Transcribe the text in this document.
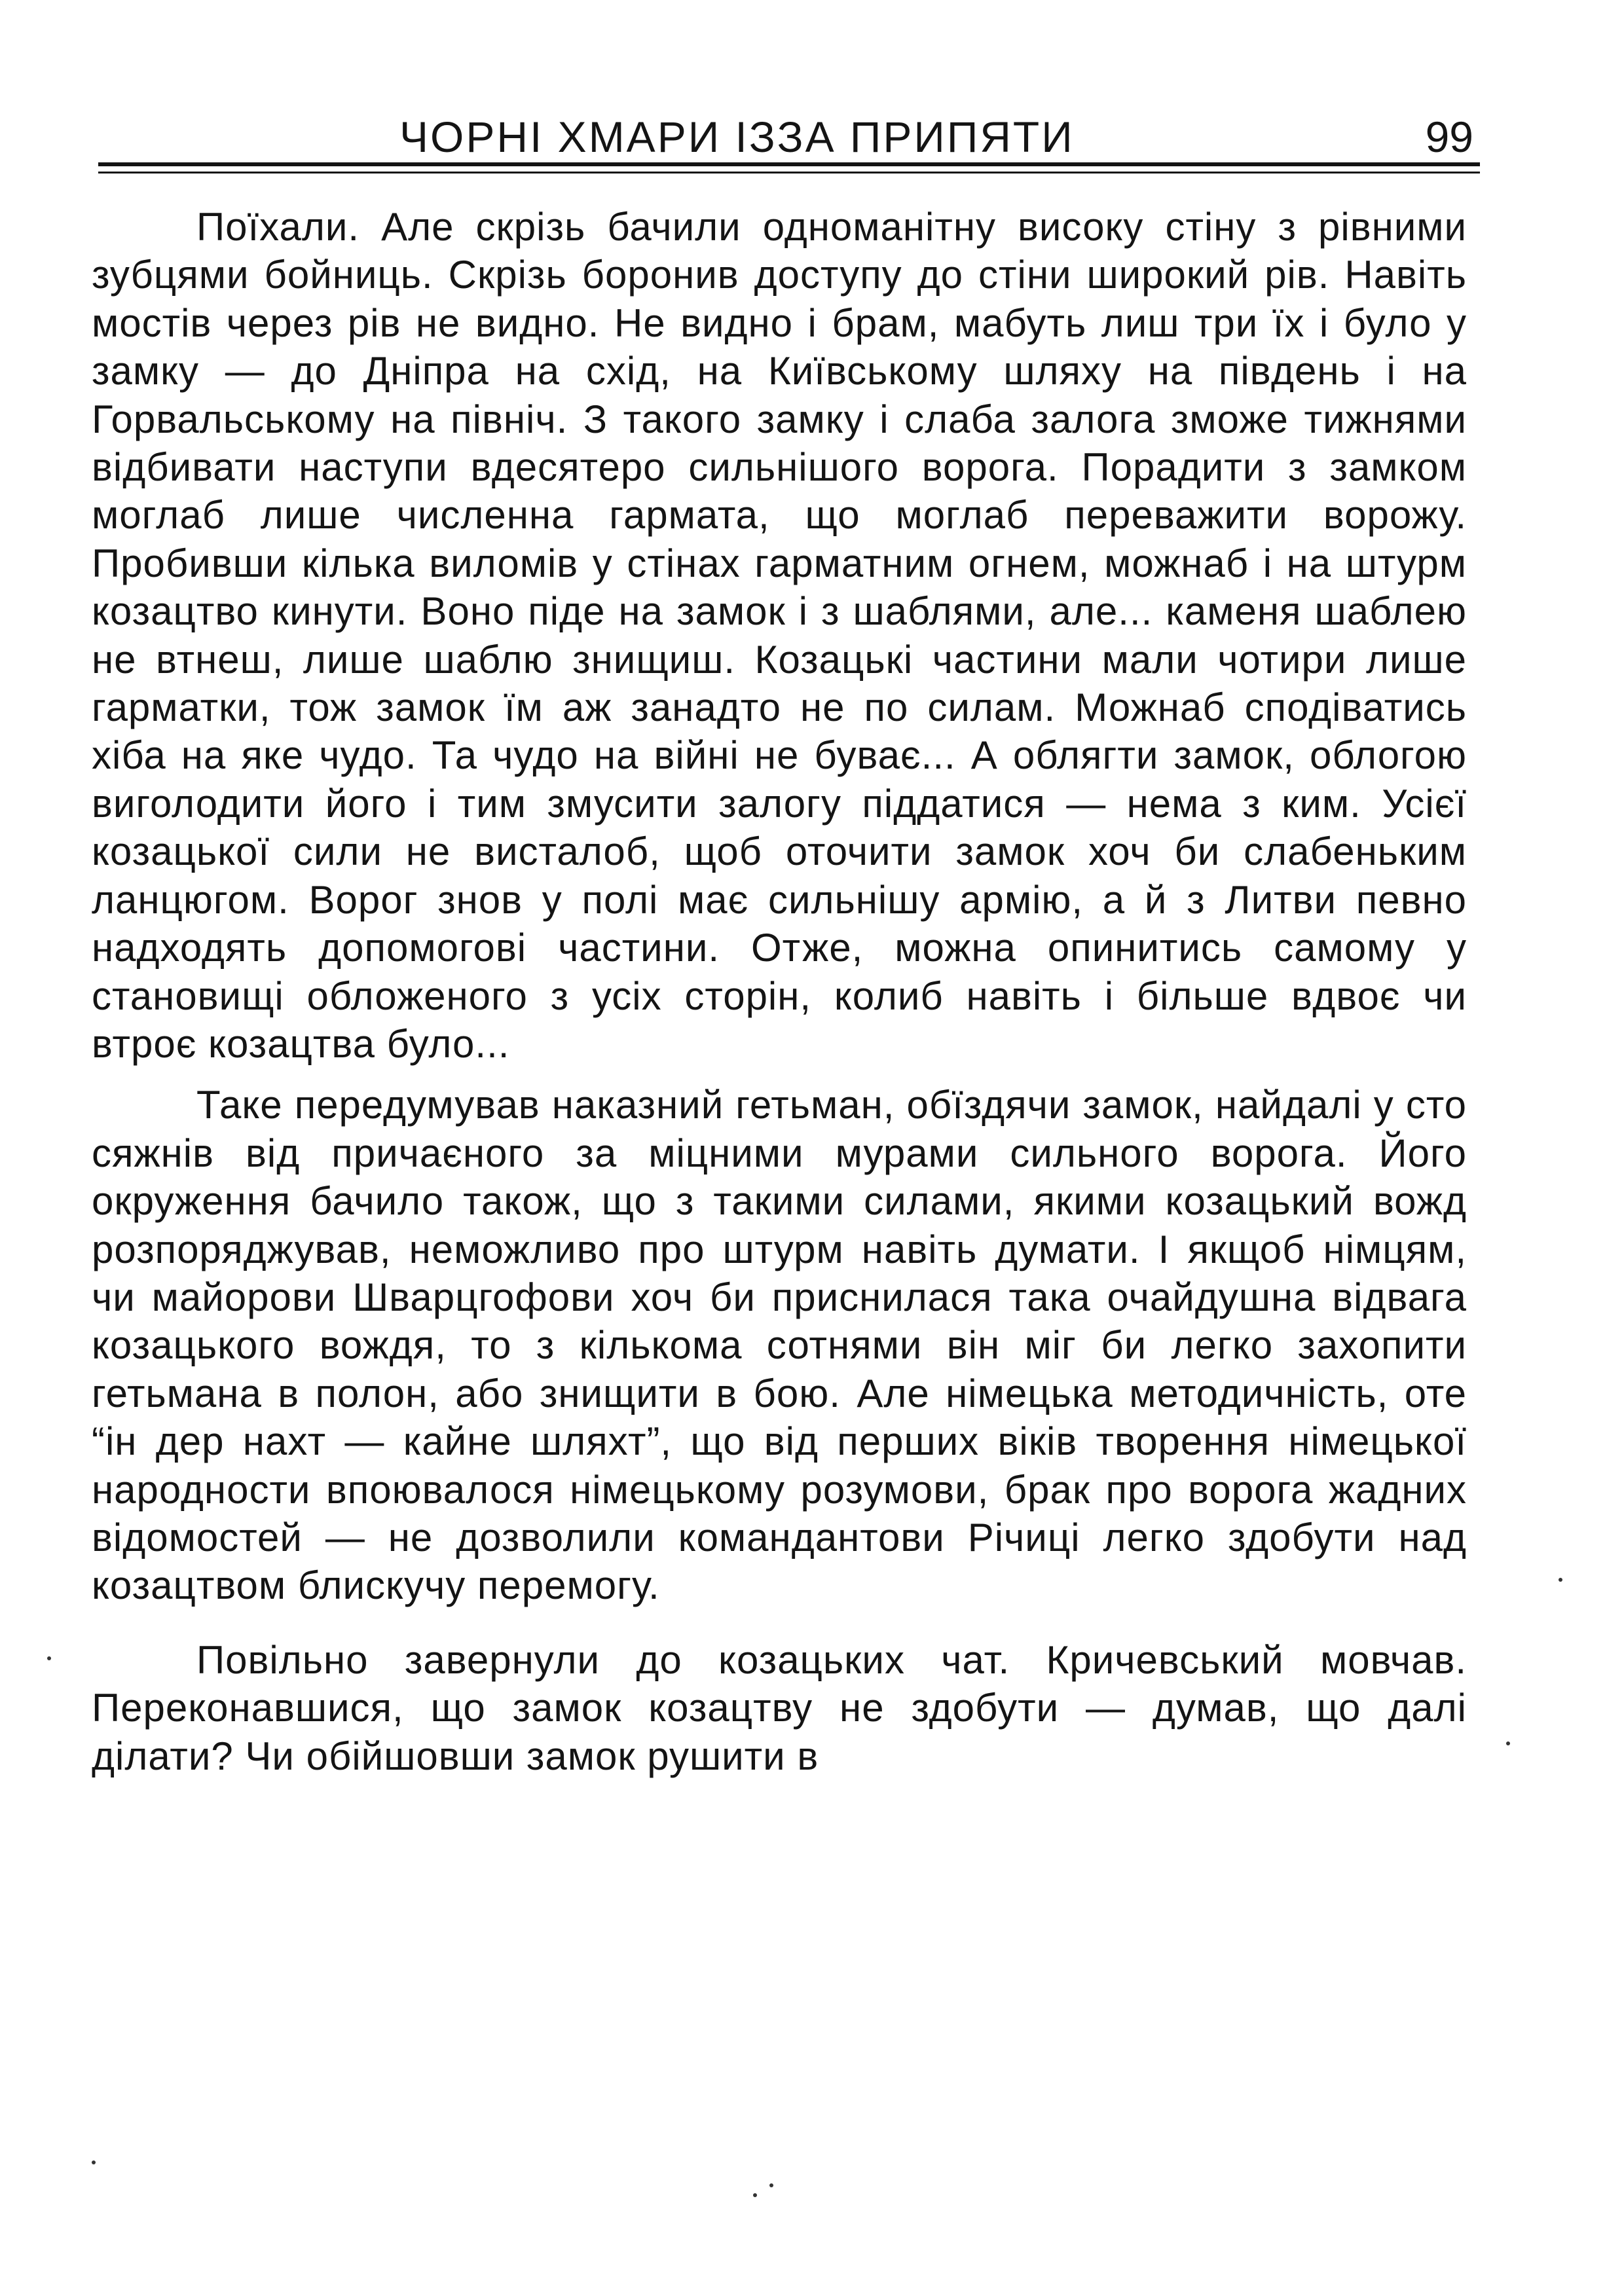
ЧОРНІ ХМАРИ ІЗЗА ПРИПЯТИ	99

Поїхали. Але скрізь бачили одноманітну високу стіну з рівними зубцями бойниць. Скрізь боронив доступу до стіни широкий рів. Навіть мостів через рів не видно. Не видно і брам, мабуть лиш три їх і було у замку — до Дніпра на схід, на Київському шляху на південь і на Горвальському на північ. З такого замку і слаба залога зможе тижнями відбивати наступи вдесятеро сильнішого ворога. Порадити з замком моглаб лише численна гармата, що моглаб переважити ворожу. Пробивши кілька виломів у стінах гарматним огнем, можнаб і на штурм козацтво кинути. Воно піде на замок і з шаблями, але... каменя шаблею не втнеш, лише шаблю знищиш. Козацькі частини мали чотири лише гарматки, тож замок їм аж занадто не по силам. Можнаб сподіватись хіба на яке чудо. Та чудо на війні не буває... А облягти замок, облогою виголодити його і тим змусити залогу піддатися — нема з ким. Усієї козацької сили не висталоб, щоб оточити замок хоч би слабеньким ланцюгом. Ворог знов у полі має сильнішу армію, а й з Литви певно надходять допомогові частини. Отже, можна опинитись самому у становищі обложеного з усіх сторін, колиб навіть і більше вдвоє чи втроє козацтва було...

Таке передумував наказний гетьман, обїздячи замок, найдалі у сто сяжнів від причаєного за міцними мурами сильного ворога. Його окруження бачило також, що з такими силами, якими козацький вожд розпоряджував, неможливо про штурм навіть думати. І якщоб німцям, чи майорови Шварцгофови хоч би приснилася така очайдушна відвага козацького вождя, то з кількома сотнями він міг би легко захопити гетьмана в полон, або знищити в бою. Але німецька методичність, оте “ін дер нахт — кайне шляхт”, що від перших віків творення німецької народности впоювалося німецькому розумови, брак про ворога жадних відомостей — не дозволили командантови Річиці легко здобути над козацтвом блискучу перемогу.

Повільно завернули до козацьких чат. Кричевський мовчав. Переконавшися, що замок козацтву не здобути — думав, що далі ділати? Чи обійшовши замок рушити в
